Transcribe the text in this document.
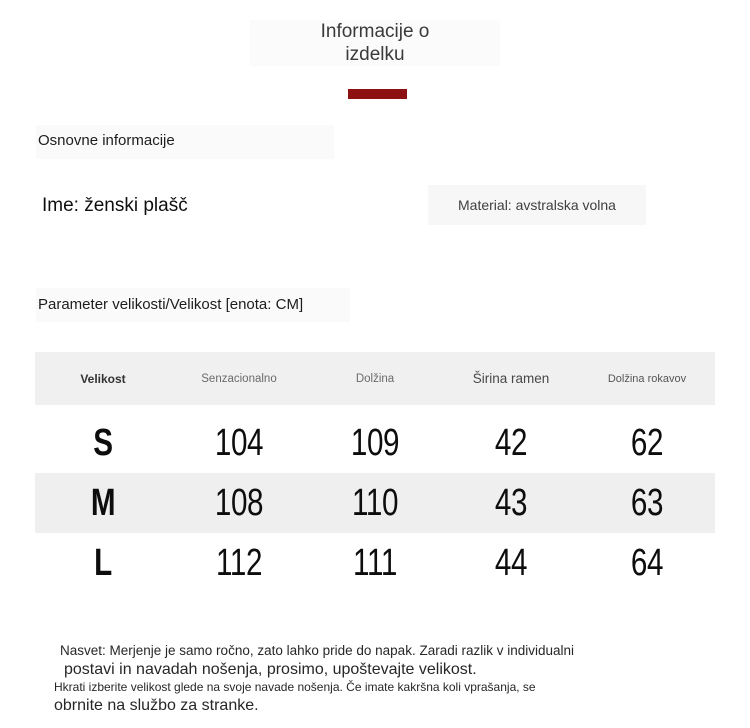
Informacije o
izdelku
Osnovne informacije
Ime: ženski plašč	Material: avstralska volna
Parameter velikosti/Velikost [enota: CM]
Velikost	Senzacionalno	Dolžina	Širina ramen	Dolžina rokavov
S	104	109	42	62
M	108	110	43	63
L	112	111	44	64
Nasvet: Merjenje je samo ročno, zato lahko pride do napak. Zaradi razlik v individualni
postavi in navadah nošenja, prosimo, upoštevajte velikost.
Hkrati izberite velikost glede na svoje navade nošenja. Če imate kakršna koli vprašanja, se
obrnite na službo za stranke.
